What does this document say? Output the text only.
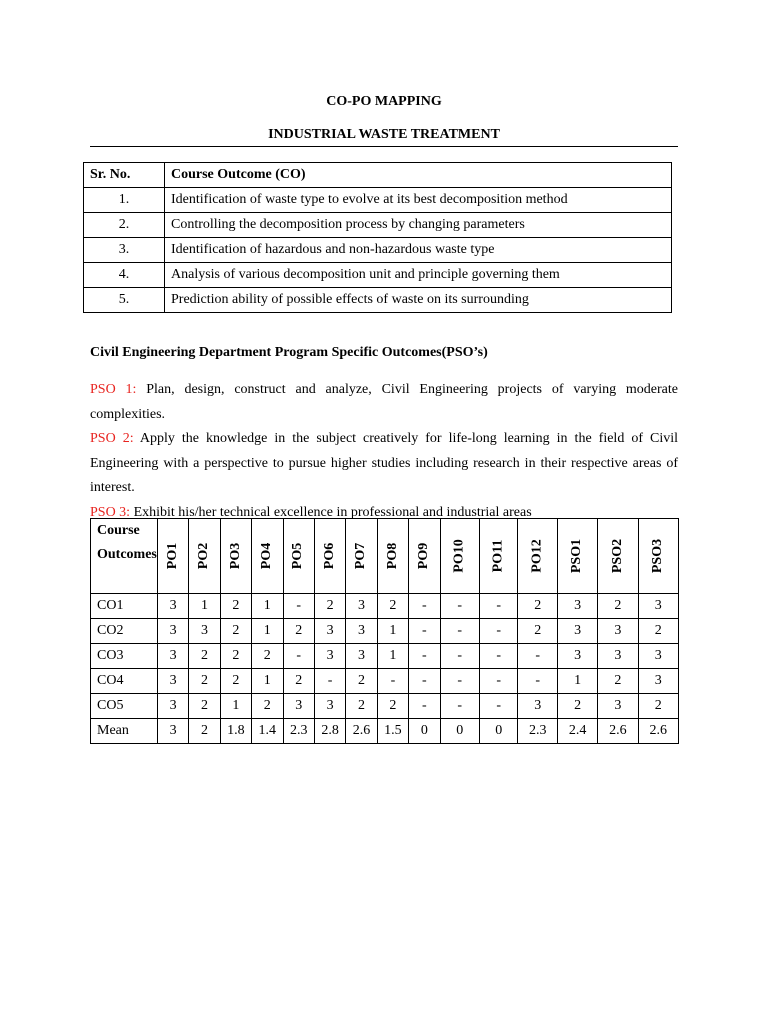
CO-PO MAPPING
INDUSTRIAL WASTE TREATMENT
Sr. No.	Course Outcome (CO)
1.	Identification of waste type to evolve at its best decomposition method
2.	Controlling the decomposition process by changing parameters
3.	Identification of hazardous and non-hazardous waste type
4.	Analysis of various decomposition unit and principle governing them
5.	Prediction ability of possible effects of waste on its surrounding
Civil Engineering Department Program Specific Outcomes(PSO’s)

PSO 1: Plan, design, construct and analyze, Civil Engineering projects of varying moderate complexities.

PSO 2: Apply the knowledge in the subject creatively for life-long learning in the field of Civil Engineering with a perspective to pursue higher studies including research in their respective areas of interest.

PSO 3: Exhibit his/her technical excellence in professional and industrial areas

Course Outcomes	PO1	PO2	PO3	PO4	PO5	PO6	PO7	PO8	PO9	PO10	PO11	PO12	PSO1	PSO2	PSO3
CO1	3	1	2	1	-	2	3	2	-	-	-	2	3	2	3
CO2	3	3	2	1	2	3	3	1	-	-	-	2	3	3	2
CO3	3	2	2	2	-	3	3	1	-	-	-	-	3	3	3
CO4	3	2	2	1	2	-	2	-	-	-	-	-	1	2	3
CO5	3	2	1	2	3	3	2	2	-	-	-	3	2	3	2
Mean	3	2	1.8	1.4	2.3	2.8	2.6	1.5	0	0	0	2.3	2.4	2.6	2.6
